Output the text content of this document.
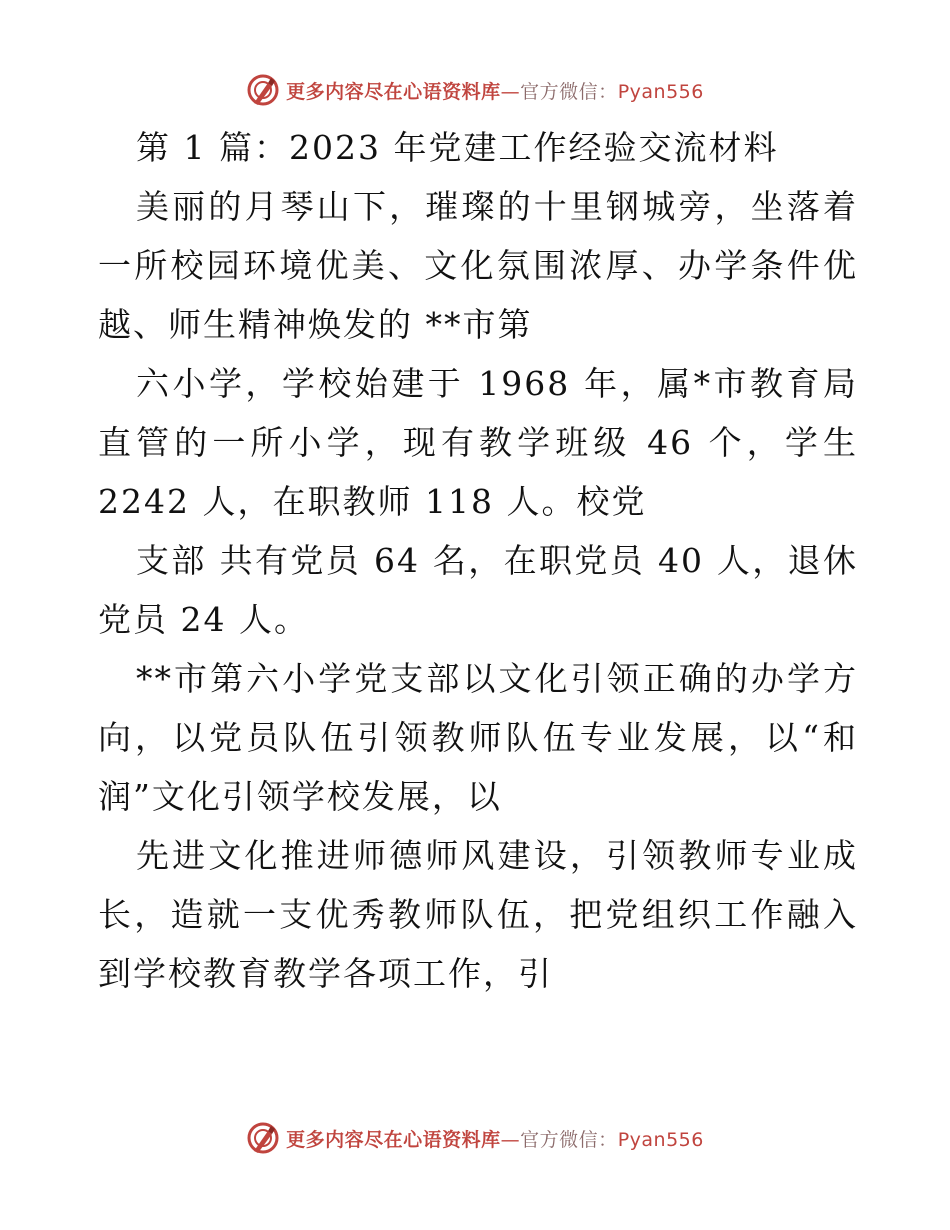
更多内容尽在心语资料库—官方微信：Pyan556
第 1 篇：2023 年党建工作经验交流材料

美丽的月琴山下，璀璨的十里钢城旁，坐落着一所校园环境优美、文化氛围浓厚、办学条件优越、师生精神焕发的 **市第

六小学，学校始建于 1968 年，属*市教育局直管的一所小学，现有教学班级 46 个，学生 2242 人，在职教师 118 人。校党

支部 共有党员 64 名，在职党员 40 人，退休党员 24 人。

**市第六小学党支部以文化引领正确的办学方向，以党员队伍引领教师队伍专业发展，以“和润”文化引领学校发展，以

先进文化推进师德师风建设，引领教师专业成长，造就一支优秀教师队伍，把党组织工作融入到学校教育教学各项工作，引

更多内容尽在心语资料库—官方微信：Pyan556
